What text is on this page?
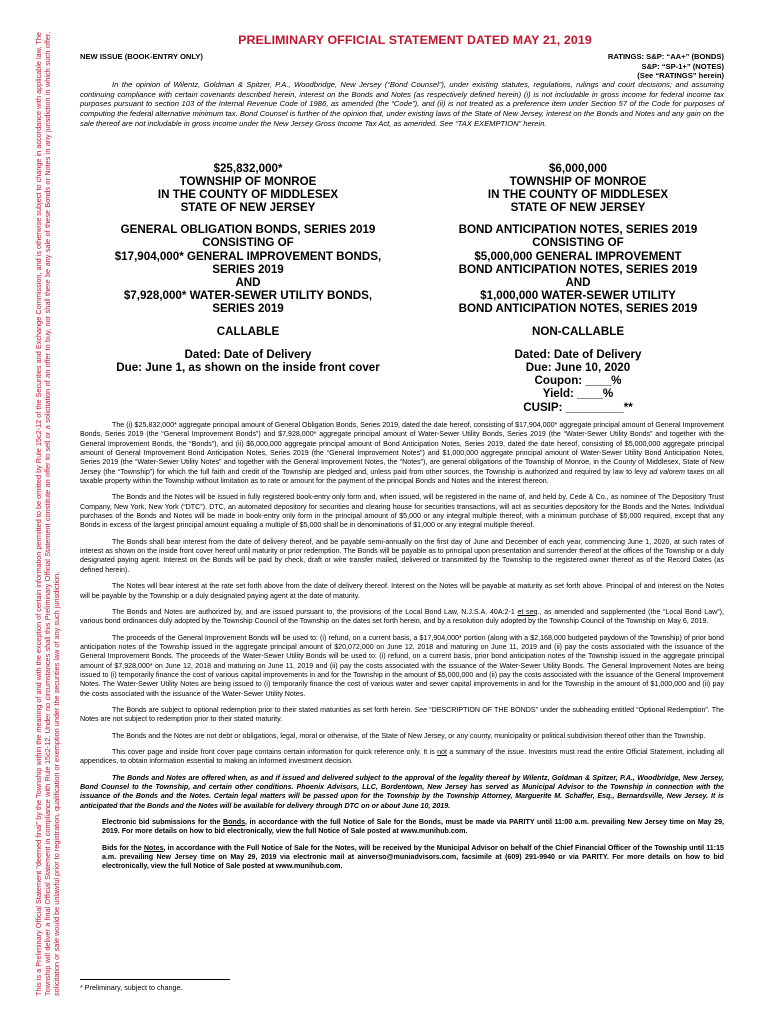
This is a Preliminary Official Statement "deemed final" by the Township within the meaning of and with the exception of certain information permitted to be omitted by Rule 15c2-12 of the Securities and Exchange Commission, and is otherwise subject to change in accordance with applicable law. The Township will deliver a final Official Statement in compliance with Rule 15c2-12. Under no circumstances shall this Preliminary Official Statement constitute an offer to sell or a solicitation of an offer to buy, nor shall there be any sale of these Bonds or Notes in any jurisdiction in which such offer, solicitation or sale would be unlawful prior to registration, qualification or exemption under the securities law of any such jurisdiction.
PRELIMINARY OFFICIAL STATEMENT DATED MAY 21, 2019
NEW ISSUE (BOOK-ENTRY ONLY)	RATINGS: S&P: “AA+” (BONDS)
S&P: “SP-1+” (NOTES)
(See “RATINGS” herein)
In the opinion of Wilentz, Goldman & Spitzer, P.A., Woodbridge, New Jersey (“Bond Counsel”), under existing statutes, regulations, rulings and court decisions; and assuming continuing compliance with certain covenants described herein, interest on the Bonds and Notes (as respectively defined herein) (i) is not includable in gross income for federal income tax purposes pursuant to section 103 of the Internal Revenue Code of 1986, as amended (the “Code”), and (ii) is not treated as a preference item under Section 57 of the Code for purposes of computing the federal alternative minimum tax. Bond Counsel is further of the opinion that, under existing laws of the State of New Jersey, interest on the Bonds and Notes and any gain on the sale thereof are not includable in gross income under the New Jersey Gross Income Tax Act, as amended. See “TAX EXEMPTION” herein.

$25,832,000*

TOWNSHIP OF MONROE

IN THE COUNTY OF MIDDLESEX

STATE OF NEW JERSEY

GENERAL OBLIGATION BONDS, SERIES 2019

CONSISTING OF

$17,904,000* GENERAL IMPROVEMENT BONDS,

SERIES 2019

AND

$7,928,000* WATER-SEWER UTILITY BONDS,

SERIES 2019

CALLABLE

Dated: Date of Delivery

Due: June 1, as shown on the inside front cover

$6,000,000

TOWNSHIP OF MONROE

IN THE COUNTY OF MIDDLESEX

STATE OF NEW JERSEY

BOND ANTICIPATION NOTES, SERIES 2019

CONSISTING OF

$5,000,000 GENERAL IMPROVEMENT

BOND ANTICIPATION NOTES, SERIES 2019

AND

$1,000,000 WATER-SEWER UTILITY

BOND ANTICIPATION NOTES, SERIES 2019

NON-CALLABLE

Dated: Date of Delivery

Due: June 10, 2020

Coupon: ____%

Yield: ____%

CUSIP: _________**

The (i) $25,832,000* aggregate principal amount of General Obligation Bonds, Series 2019, dated the date hereof, consisting of $17,904,000* aggregate principal amount of General Improvement Bonds, Series 2019 (the “General Improvement Bonds”) and $7,928,000* aggregate principal amount of Water-Sewer Utility Bonds, Series 2019 (the “Water-Sewer Utility Bonds” and together with the General Improvement Bonds, the “Bonds”), and (ii) $6,000,000 aggregate principal amount of Bond Anticipation Notes, Series 2019, dated the date hereof, consisting of $5,000,000 aggregate principal amount of General Improvement Bond Anticipation Notes, Series 2019 (the “General Improvement Notes”) and $1,000,000 aggregate principal amount of Water-Sewer Utility Bond Anticipation Notes, Series 2019 (the “Water-Sewer Utility Notes” and together with the General Improvement Notes, the “Notes”), are general obligations of the Township of Monroe, in the County of Middlesex, State of New Jersey (the “Township”) for which the full faith and credit of the Township are pledged and, unless paid from other sources, the Township is authorized and required by law to levy ad valorem taxes on all taxable property within the Township without limitation as to rate or amount for the payment of the principal Bonds and Notes and the interest thereon.

The Bonds and the Notes will be issued in fully registered book-entry only form and, when issued, will be registered in the name of, and held by, Cede & Co., as nominee of The Depository Trust Company, New York, New York (“DTC”). DTC, an automated depository for securities and clearing house for securities transactions, will act as securities depository for the Bonds and the Notes. Individual purchases of the Bonds and Notes will be made in book-entry only form in the principal amount of $5,000 or any integral multiple thereof, with a minimum purchase of $5,000 required, except that any Bonds in excess of the largest principal amount equaling a multiple of $5,000 shall be in denominations of $1,000 or any integral multiple thereof.

The Bonds shall bear interest from the date of delivery thereof, and be payable semi-annually on the first day of June and December of each year, commencing June 1, 2020, at such rates of interest as shown on the inside front cover hereof until maturity or prior redemption. The Bonds will be payable as to principal upon presentation and surrender thereof at the offices of the Township or a duly designated paying agent. Interest on the Bonds will be paid by check, draft or wire transfer mailed, delivered or transmitted by the Township to the registered owner thereof as of the Record Dates (as defined herein).

The Notes will bear interest at the rate set forth above from the date of delivery thereof. Interest on the Notes will be payable at maturity as set forth above. Principal of and interest on the Notes will be payable by the Township or a duly designated paying agent at the date of maturity.

The Bonds and Notes are authorized by, and are issued pursuant to, the provisions of the Local Bond Law, N.J.S.A. 40A:2-1 et seq., as amended and supplemented (the “Local Bond Law”), various bond ordinances duly adopted by the Township Council of the Township on the dates set forth herein, and by a resolution duly adopted by the Township Council of the Township on May 6, 2019.

The proceeds of the General Improvement Bonds will be used to: (i) refund, on a current basis, a $17,904,000* portion (along with a $2,168,000 budgeted paydown of the Township) of prior bond anticipation notes of the Township issued in the aggregate principal amount of $20,072,000 on June 12, 2018 and maturing on June 11, 2019 and (ii) pay the costs associated with the issuance of the General Improvement Bonds. The proceeds of the Water-Sewer Utility Bonds will be used to: (i) refund, on a current basis, prior bond anticipation notes of the Township issued in the aggregate principal amount of $7,928,000* on June 12, 2018 and maturing on June 11, 2019 and (ii) pay the costs associated with the issuance of the Water-Sewer Utility Bonds. The General Improvement Notes are being issued to (i) temporarily finance the cost of various capital improvements in and for the Township in the amount of $5,000,000 and (ii) pay the costs associated with the issuance of the General Improvement Notes. The Water-Sewer Utility Notes are being issued to (i) temporarily finance the cost of various water and sewer capital improvements in and for the Township in the amount of $1,000,000 and (ii) pay the costs associated with the issuance of the Water-Sewer Utility Notes.

The Bonds are subject to optional redemption prior to their stated maturities as set forth herein. See “DESCRIPTION OF THE BONDS” under the subheading entitled “Optional Redemption”. The Notes are not subject to redemption prior to their stated maturity.

The Bonds and the Notes are not debt or obligations, legal, moral or otherwise, of the State of New Jersey, or any county, municipality or political subdivision thereof other than the Township.

This cover page and inside front cover page contains certain information for quick reference only. It is not a summary of the issue. Investors must read the entire Official Statement, including all appendices, to obtain information essential to making an informed investment decision.

The Bonds and Notes are offered when, as and if issued and delivered subject to the approval of the legality thereof by Wilentz, Goldman & Spitzer, P.A., Woodbridge, New Jersey, Bond Counsel to the Township, and certain other conditions. Phoenix Advisors, LLC, Bordentown, New Jersey has served as Municipal Advisor to the Township in connection with the issuance of the Bonds and the Notes. Certain legal matters will be passed upon for the Township by the Township Attorney, Marguerite M. Schaffer, Esq., Bernardsville, New Jersey. It is anticipated that the Bonds and the Notes will be available for delivery through DTC on or about June 10, 2019.

Electronic bid submissions for the Bonds, in accordance with the full Notice of Sale for the Bonds, must be made via PARITY until 11:00 a.m. prevailing New Jersey time on May 29, 2019. For more details on how to bid electronically, view the full Notice of Sale posted at www.munihub.com.

Bids for the Notes, in accordance with the Full Notice of Sale for the Notes, will be received by the Municipal Advisor on behalf of the Chief Financial Officer of the Township until 11:15 a.m. prevailing New Jersey time on May 29, 2019 via electronic mail at ainverso@muniadvisors.com, facsimile at (609) 291-9940 or via PARITY. For more details on how to bid electronically, view the full Notice of Sale posted at www.munihub.com.

* Preliminary, subject to change.
